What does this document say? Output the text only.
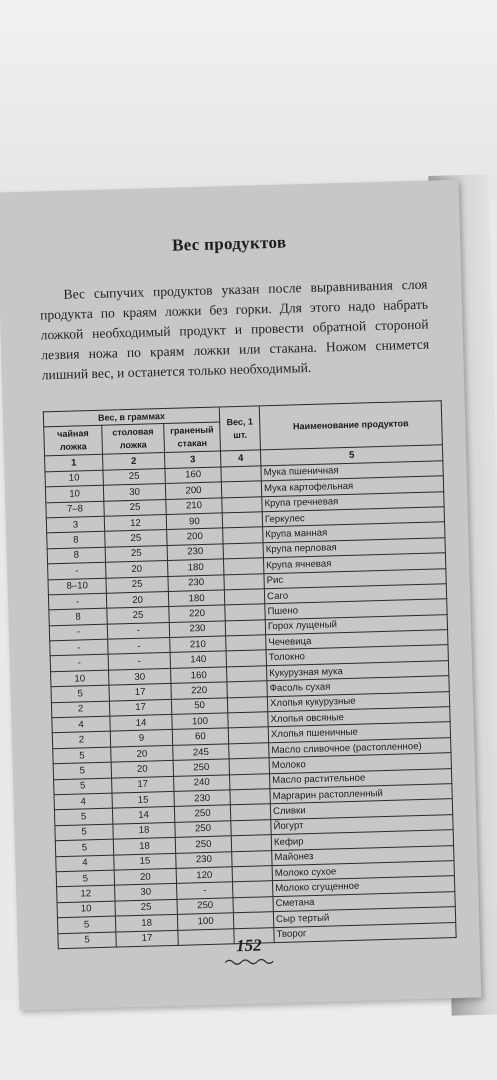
Вес продуктов
Вес сыпучих продуктов указан после выравнивания слоя продукта по краям ложки без горки. Для этого надо набрать ложкой необходимый продукт и провести обратной стороной лезвия ножа по краям ложки или стакана. Ножом снимется лишний вес, и останется только необходимый.
Вес, в граммах			Вес, 1 шт.	Наименование продуктов
чайная ложка	столовая ложка	граненый стакан		
1	2	3	4	5
10	25	160		Мука пшеничная
10	30	200		Мука картофельная
7–8	25	210		Крупа гречневая
3	12	90		Геркулес
8	25	200		Крупа манная
8	25	230		Крупа перловая
-	20	180		Крупа ячневая
8–10	25	230		Рис
-	20	180		Саго
8	25	220		Пшено
-	-	230		Горох лущеный
-	-	210		Чечевица
-	-	140		Толокно
10	30	160		Кукурузная мука
5	17	220		Фасоль сухая
2	17	50		Хлопья кукурузные
4	14	100		Хлопья овсяные
2	9	60		Хлопья пшеничные
5	20	245		Масло сливочное (растопленное)
5	20	250		Молоко
5	17	240		Масло растительное
4	15	230		Маргарин растопленный
5	14	250		Сливки
5	18	250		Йогурт
5	18	250		Кефир
4	15	230		Майонез
5	20	120		Молоко сухое
12	30	-		Молоко сгущенное
10	25	250		Сметана
5	18	100		Сыр тертый
5	17			Творог
152
